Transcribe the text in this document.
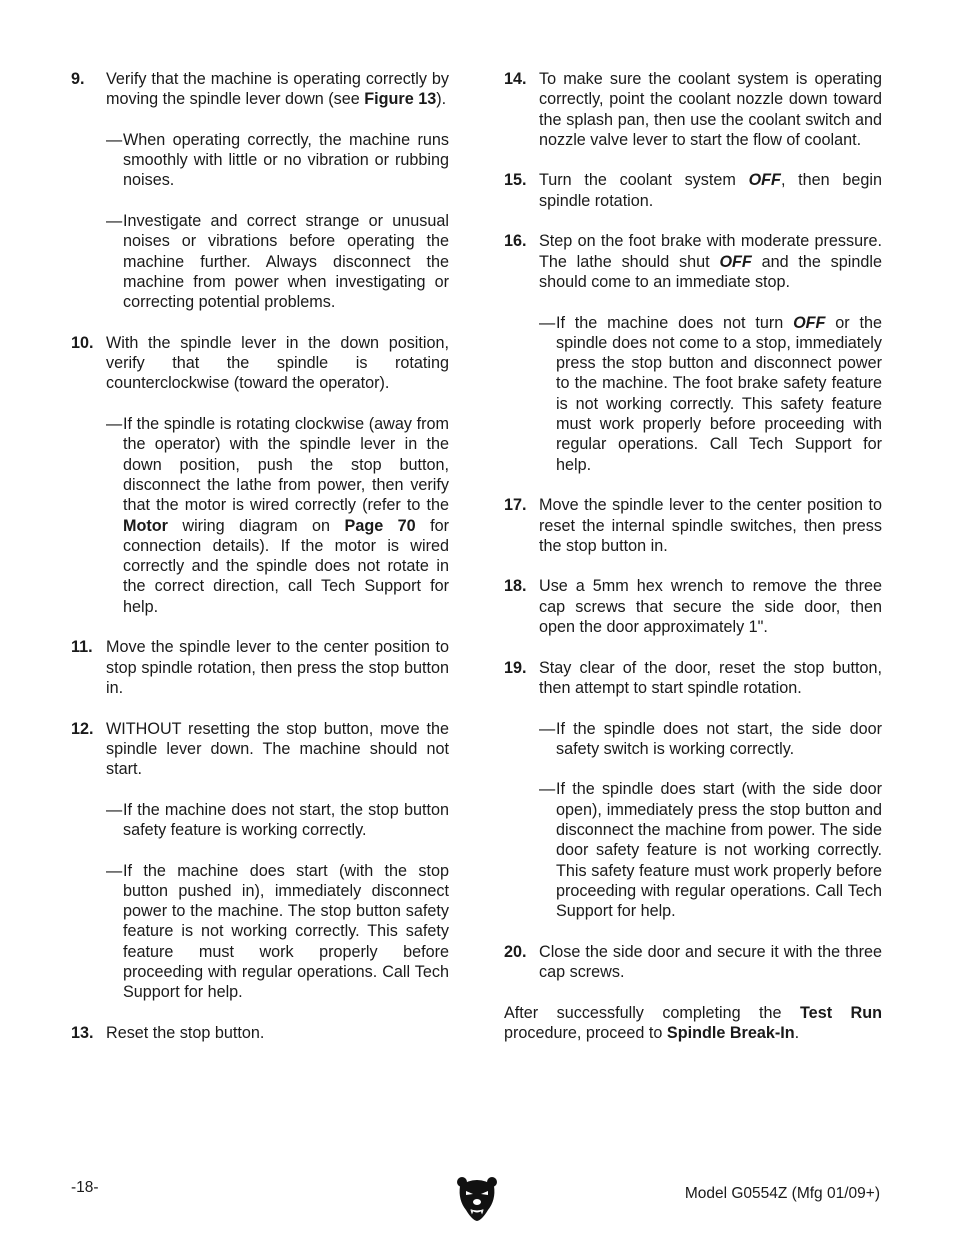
9. Verify that the machine is operating correctly by moving the spindle lever down (see Figure 13).
— When operating correctly, the machine runs smoothly with little or no vibration or rubbing noises.
— Investigate and correct strange or unusual noises or vibrations before operating the machine further. Always disconnect the machine from power when investigating or correcting potential problems.
10. With the spindle lever in the down position, verify that the spindle is rotating counterclockwise (toward the operator).
— If the spindle is rotating clockwise (away from the operator) with the spindle lever in the down position, push the stop button, disconnect the lathe from power, then verify that the motor is wired correctly (refer to the Motor wiring diagram on Page 70 for connection details). If the motor is wired correctly and the spindle does not rotate in the correct direction, call Tech Support for help.
11. Move the spindle lever to the center position to stop spindle rotation, then press the stop button in.
12. WITHOUT resetting the stop button, move the spindle lever down. The machine should not start.
— If the machine does not start, the stop button safety feature is working correctly.
— If the machine does start (with the stop button pushed in), immediately disconnect power to the machine. The stop button safety feature is not working correctly. This safety feature must work properly before proceeding with regular operations. Call Tech Support for help.
13. Reset the stop button.
14. To make sure the coolant system is operating correctly, point the coolant nozzle down toward the splash pan, then use the coolant switch and nozzle valve lever to start the flow of coolant.
15. Turn the coolant system OFF, then begin spindle rotation.
16. Step on the foot brake with moderate pressure. The lathe should shut OFF and the spindle should come to an immediate stop.
— If the machine does not turn OFF or the spindle does not come to a stop, immediately press the stop button and disconnect power to the machine. The foot brake safety feature is not working correctly. This safety feature must work properly before proceeding with regular operations. Call Tech Support for help.
17. Move the spindle lever to the center position to reset the internal spindle switches, then press the stop button in.
18. Use a 5mm hex wrench to remove the three cap screws that secure the side door, then open the door approximately 1".
19. Stay clear of the door, reset the stop button, then attempt to start spindle rotation.
— If the spindle does not start, the side door safety switch is working correctly.
— If the spindle does start (with the side door open), immediately press the stop button and disconnect the machine from power. The side door safety feature is not working correctly. This safety feature must work properly before proceeding with regular operations. Call Tech Support for help.
20. Close the side door and secure it with the three cap screws.
After successfully completing the Test Run procedure, proceed to Spindle Break-In.
-18-	Model G0554Z (Mfg 01/09+)
